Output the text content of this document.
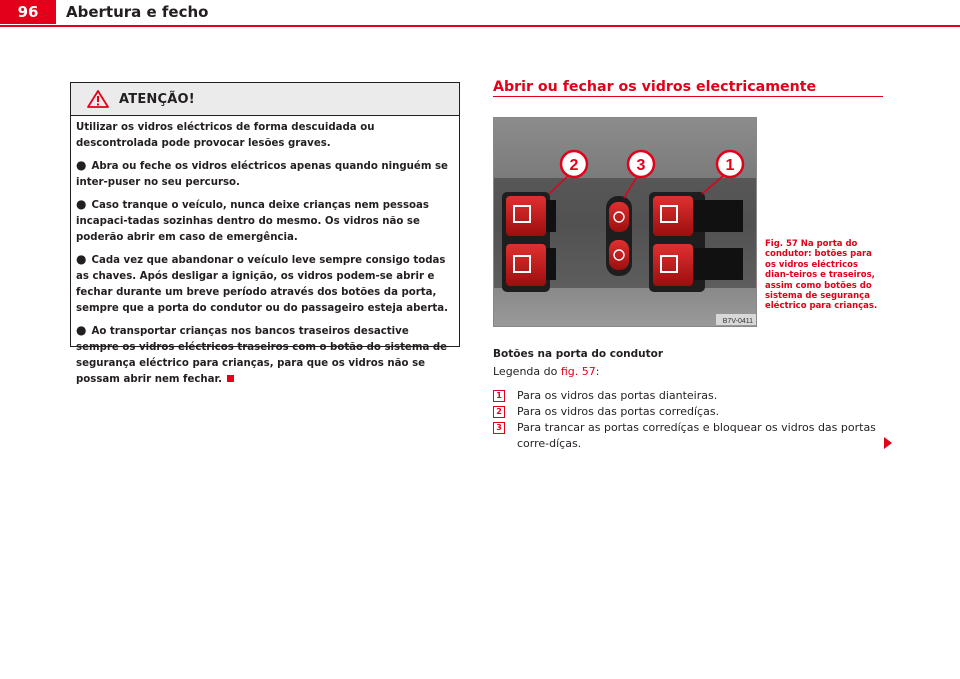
96	Abertura e fecho
ATENÇÃO!

Utilizar os vidros eléctricos de forma descuidada ou descontrolada pode provocar lesões graves.

● Abra ou feche os vidros eléctricos apenas quando ninguém se inter-puser no seu percurso.

● Caso tranque o veículo, nunca deixe crianças nem pessoas incapaci-tadas sozinhas dentro do mesmo. Os vidros não se poderão abrir em caso de emergência.

● Cada vez que abandonar o veículo leve sempre consigo todas as chaves. Após desligar a ignição, os vidros podem-se abrir e fechar durante um breve período através dos botões da porta, sempre que a porta do condutor ou do passageiro esteja aberta.

● Ao transportar crianças nos bancos traseiros desactive sempre os vidros eléctricos traseiros com o botão do sistema de segurança eléctrico para crianças, para que os vidros não se possam abrir nem fechar.

Abrir ou fechar os vidros electricamente
2	3	1
B7V-0411
Fig. 57 Na porta do condutor: botões para os vidros eléctricos dian-teiros e traseiros, assim como botões do sistema de segurança eléctrico para crianças.
Botões na porta do condutor
Legenda do fig. 57:
1 Para os vidros das portas dianteiras.
2 Para os vidros das portas corredíças.
3 Para trancar as portas corredíças e bloquear os vidros das portas corre-díças.
